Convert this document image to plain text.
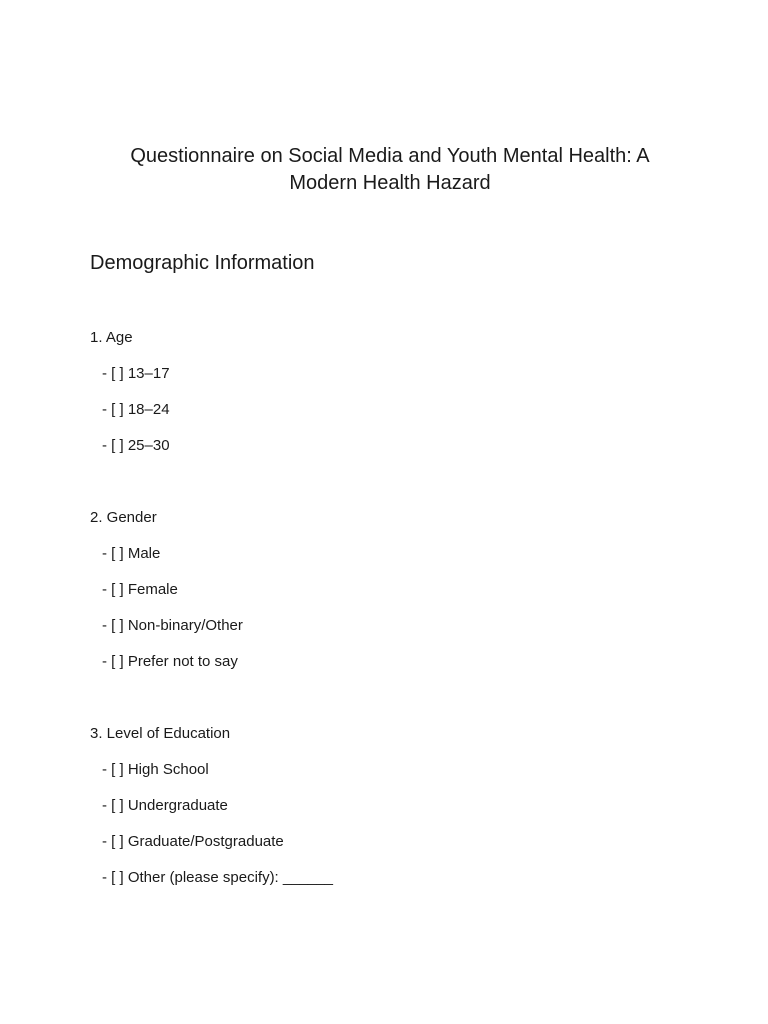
Questionnaire on Social Media and Youth Mental Health: A
Modern Health Hazard
Demographic Information

1. Age

- [ ] 13–17

- [ ] 18–24

- [ ] 25–30

2. Gender

- [ ] Male

- [ ] Female

- [ ] Non-binary/Other

- [ ] Prefer not to say

3. Level of Education

- [ ] High School

- [ ] Undergraduate

- [ ] Graduate/Postgraduate

- [ ] Other (please specify): ______
